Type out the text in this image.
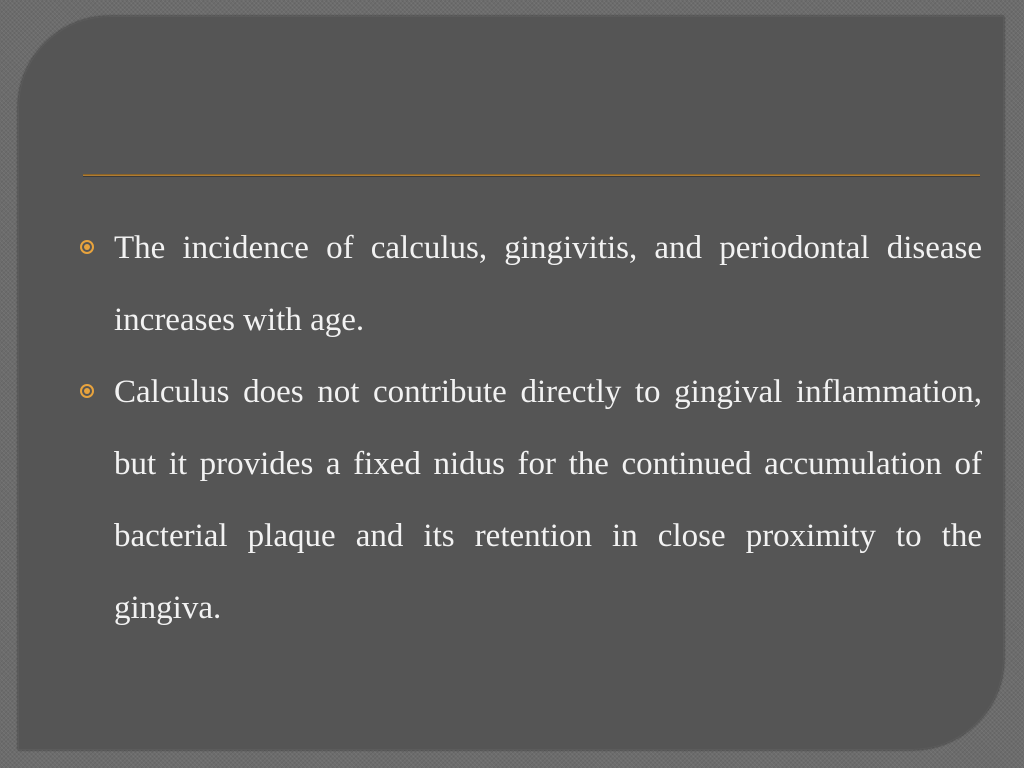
The incidence of calculus, gingivitis, and periodontal disease increases with age.
Calculus does not contribute directly to gingival inflammation, but it provides a fixed nidus for the continued accumulation of bacterial plaque and its retention in close proximity to the gingiva.
